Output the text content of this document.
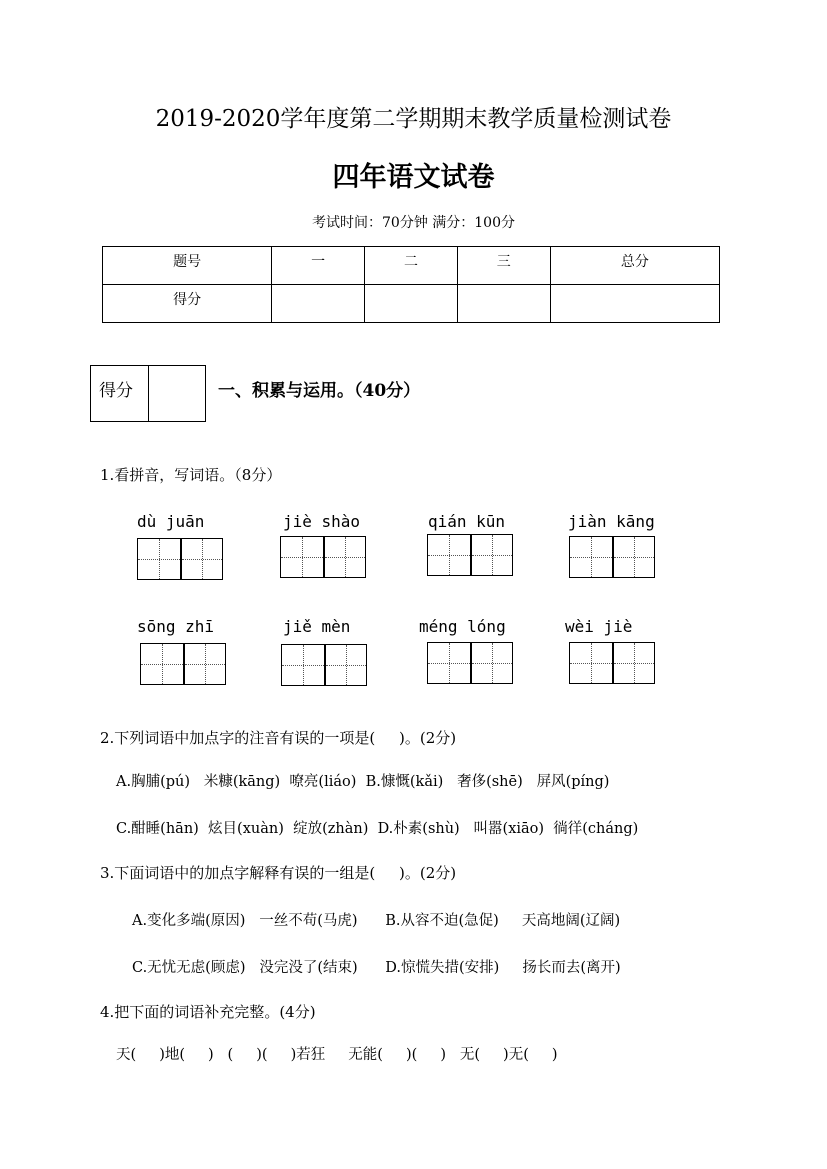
2019-2020学年度第二学期期末教学质量检测试卷
四年语文试卷
考试时间：70分钟 满分：100分
题号	一	二	三	总分
得分				
得分	一、积累与运用。（40分）
1.看拼音，写词语。（8分）
dù juān	jiè shào	qián kūn	jiàn kāng
sōng zhī	jiě mèn	méng lóng	wèi jiè
2.下列词语中加点字的注音有误的一项是(     )。(2分)
A.胸脯(pú)   米糠(kāng)  嘹亮(liáo)  B.慷慨(kǎi)   奢侈(shē)   屏风(píng)
C.酣睡(hān)  炫目(xuàn)  绽放(zhàn)  D.朴素(shù)   叫嚣(xiāo)  徜徉(cháng)
3.下面词语中的加点字解释有误的一组是(     )。(2分)
A.变化多端(原因)   一丝不苟(马虎)      B.从容不迫(急促)     天高地阔(辽阔)
C.无忧无虑(顾虑)   没完没了(结束)      D.惊慌失措(安排)     扬长而去(离开)
4.把下面的词语补充完整。(4分)
天(     )地(     )   (     )(     )若狂     无能(     )(     )   无(     )无(     )
